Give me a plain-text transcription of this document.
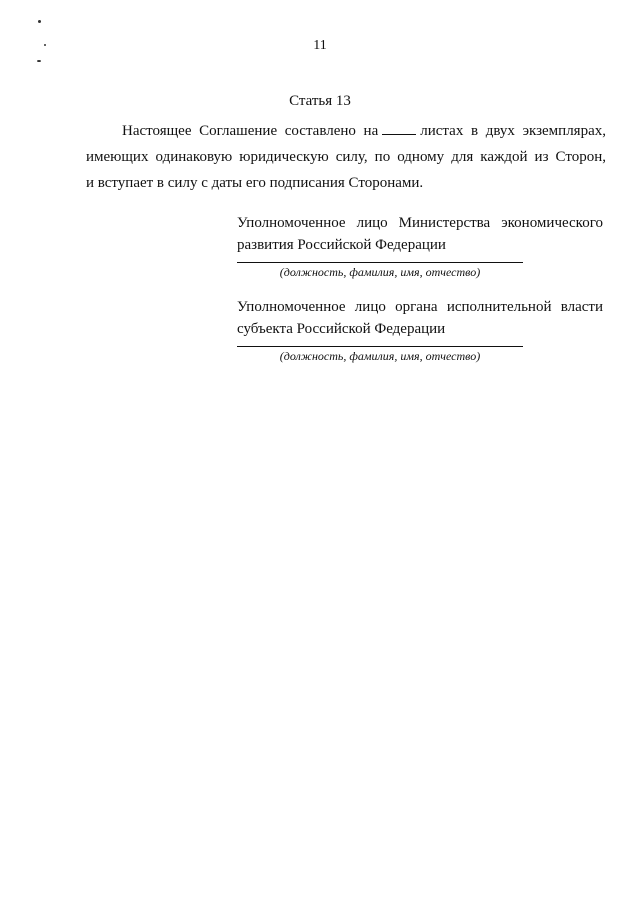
11
Статья 13
Настоящее Соглашение составлено на	листах в двух экземплярах,
имеющих одинаковую юридическую силу, по одному для каждой из Сторон,
и вступает в силу с даты его подписания Сторонами.
Уполномоченное лицо Министерства экономического
развития Российской Федерации
(должность, фамилия, имя, отчество)
Уполномоченное лицо органа исполнительной власти
субъекта Российской Федерации
(должность, фамилия, имя, отчество)
